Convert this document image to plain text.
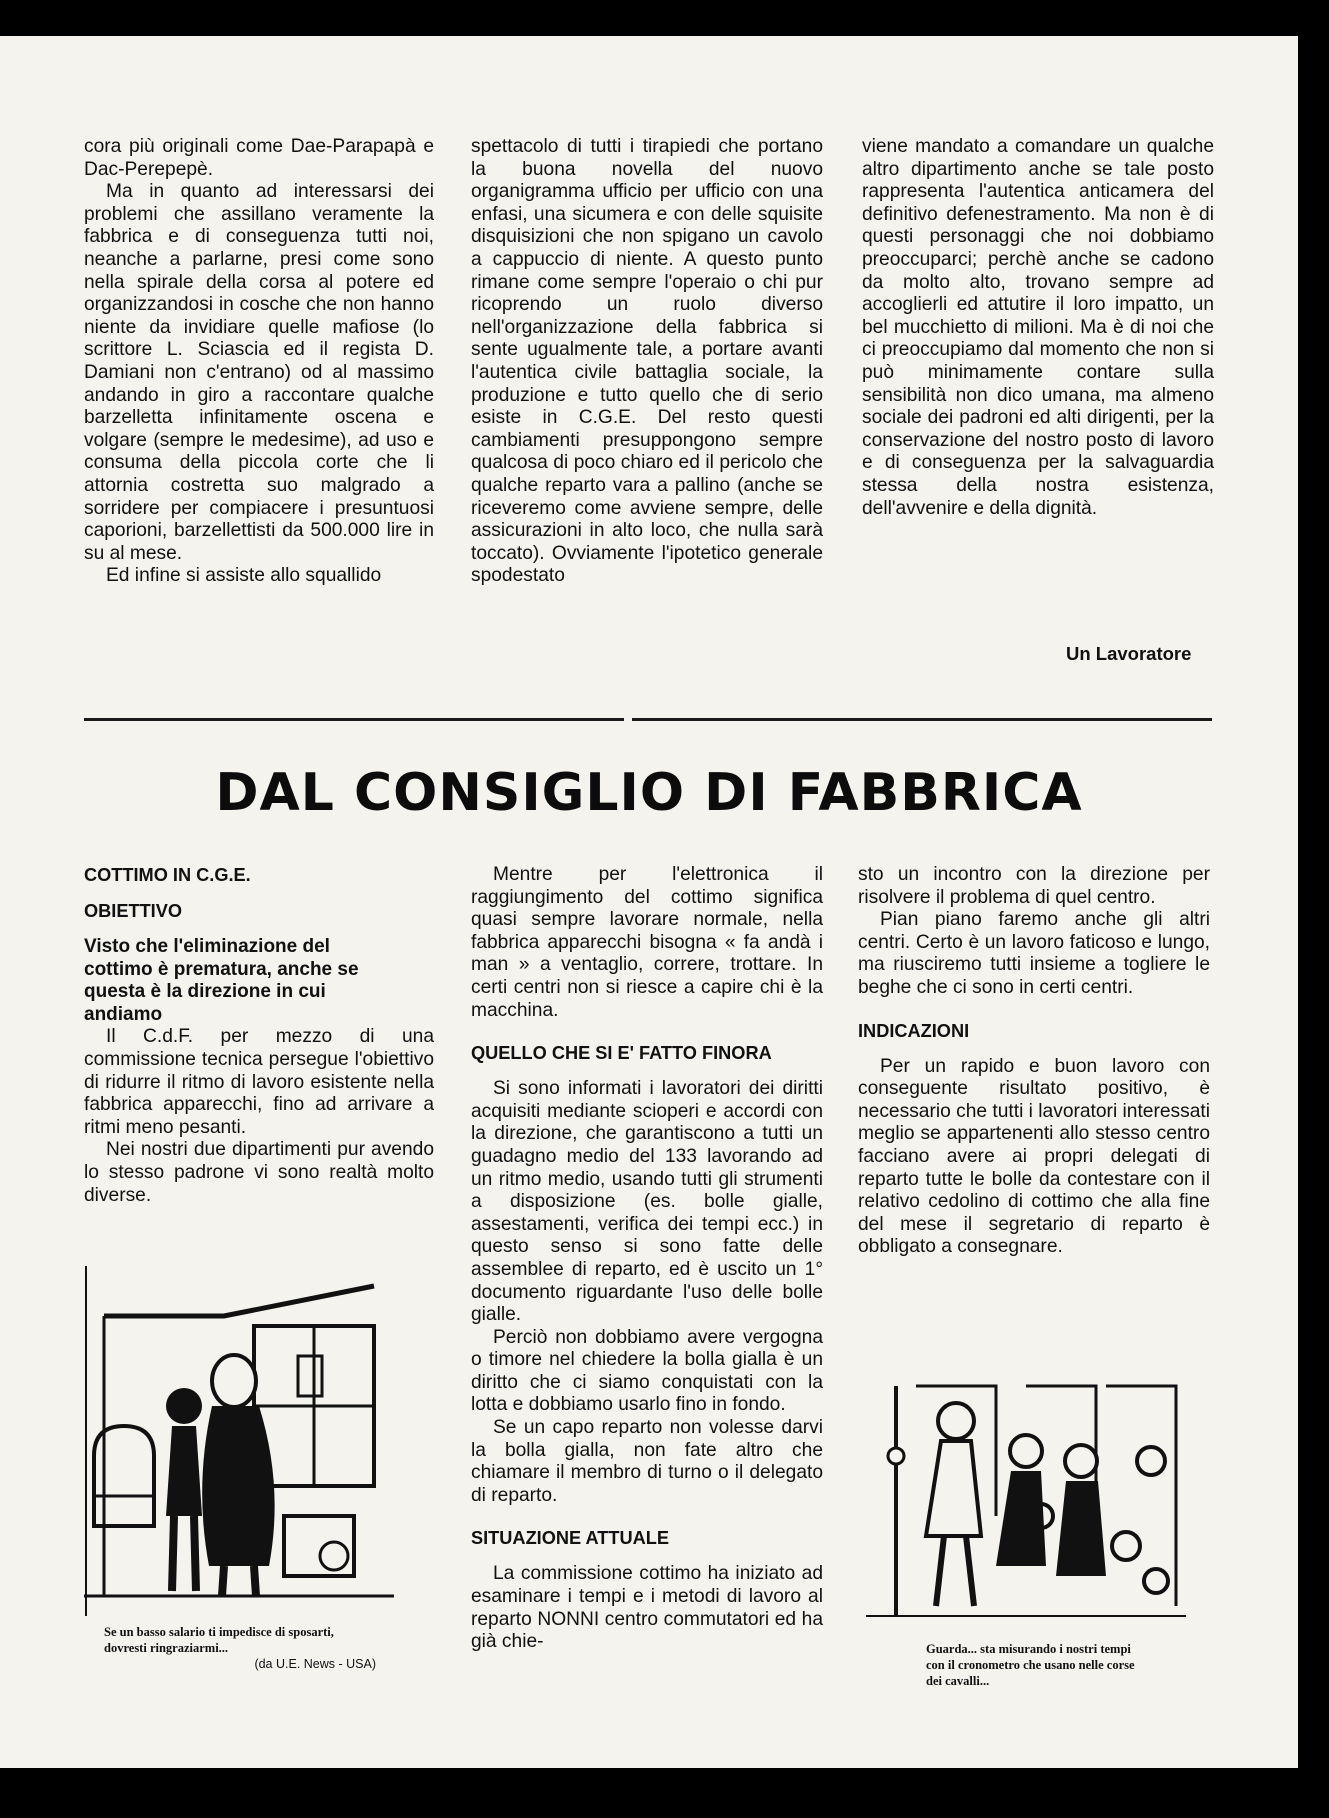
cora più originali come Dae-Parapapà e Dac-Perepepè.

Ma in quanto ad interessarsi dei problemi che assillano veramente la fabbrica e di conseguenza tutti noi, neanche a parlarne, presi come sono nella spirale della corsa al potere ed organizzandosi in cosche che non hanno niente da invidiare quelle mafiose (lo scrittore L. Sciascia ed il regista D. Damiani non c'entrano) od al massimo andando in giro a raccontare qualche barzelletta infinitamente oscena e volgare (sempre le medesime), ad uso e consuma della piccola corte che li attornia costretta suo malgrado a sorridere per compiacere i presuntuosi caporioni, barzellettisti da 500.000 lire in su al mese.

Ed infine si assiste allo squallido

spettacolo di tutti i tirapiedi che portano la buona novella del nuovo organigramma ufficio per ufficio con una enfasi, una sicumera e con delle squisite disquisizioni che non spigano un cavolo a cappuccio di niente. A questo punto rimane come sempre l'operaio o chi pur ricoprendo un ruolo diverso nell'organizzazione della fabbrica si sente ugualmente tale, a portare avanti l'autentica civile battaglia sociale, la produzione e tutto quello che di serio esiste in C.G.E. Del resto questi cambiamenti presuppongono sempre qualcosa di poco chiaro ed il pericolo che qualche reparto vara a pallino (anche se riceveremo come avviene sempre, delle assicurazioni in alto loco, che nulla sarà toccato). Ovviamente l'ipotetico generale spodestato

viene mandato a comandare un qualche altro dipartimento anche se tale posto rappresenta l'autentica anticamera del definitivo defenestramento. Ma non è di questi personaggi che noi dobbiamo preoccuparci; perchè anche se cadono da molto alto, trovano sempre ad accoglierli ed attutire il loro impatto, un bel mucchietto di milioni. Ma è di noi che ci preoccupiamo dal momento che non si può minimamente contare sulla sensibilità non dico umana, ma almeno sociale dei padroni ed alti dirigenti, per la conservazione del nostro posto di lavoro e di conseguenza per la salvaguardia stessa della nostra esistenza, dell'avvenire e della dignità.

Un Lavoratore
DAL CONSIGLIO DI FABBRICA
COTTIMO IN C.G.E.
OBIETTIVO

Visto che l'eliminazione del cottimo è prematura, anche se questa è la direzione in cui andiamo

Il C.d.F. per mezzo di una commissione tecnica persegue l'obiettivo di ridurre il ritmo di lavoro esistente nella fabbrica apparecchi, fino ad arrivare a ritmi meno pesanti.

Nei nostri due dipartimenti pur avendo lo stesso padrone vi sono realtà molto diverse.

Mentre per l'elettronica il raggiungimento del cottimo significa quasi sempre lavorare normale, nella fabbrica apparecchi bisogna « fa andà i man » a ventaglio, correre, trottare. In certi centri non si riesce a capire chi è la macchina.

QUELLO CHE SI E' FATTO FINORA

Si sono informati i lavoratori dei diritti acquisiti mediante scioperi e accordi con la direzione, che garantiscono a tutti un guadagno medio del 133 lavorando ad un ritmo medio, usando tutti gli strumenti a disposizione (es. bolle gialle, assestamenti, verifica dei tempi ecc.) in questo senso si sono fatte delle assemblee di reparto, ed è uscito un 1° documento riguardante l'uso delle bolle gialle.

Perciò non dobbiamo avere vergogna o timore nel chiedere la bolla gialla è un diritto che ci siamo conquistati con la lotta e dobbiamo usarlo fino in fondo.

Se un capo reparto non volesse darvi la bolla gialla, non fate altro che chiamare il membro di turno o il delegato di reparto.

SITUAZIONE ATTUALE

La commissione cottimo ha iniziato ad esaminare i tempi e i metodi di lavoro al reparto NONNI centro commutatori ed ha già chie-

sto un incontro con la direzione per risolvere il problema di quel centro.

Pian piano faremo anche gli altri centri. Certo è un lavoro faticoso e lungo, ma riusciremo tutti insieme a togliere le beghe che ci sono in certi centri.

INDICAZIONI

Per un rapido e buon lavoro con conseguente risultato positivo, è necessario che tutti i lavoratori interessati meglio se appartenenti allo stesso centro facciano avere ai propri delegati di reparto tutte le bolle da contestare con il relativo cedolino di cottimo che alla fine del mese il segretario di reparto è obbligato a consegnare.

Se un basso salario ti impedisce di sposarti, dovresti ringraziarmi...
(da U.E. News - USA)
Guarda... sta misurando i nostri tempi con il cronometro che usano nelle corse dei cavalli...
